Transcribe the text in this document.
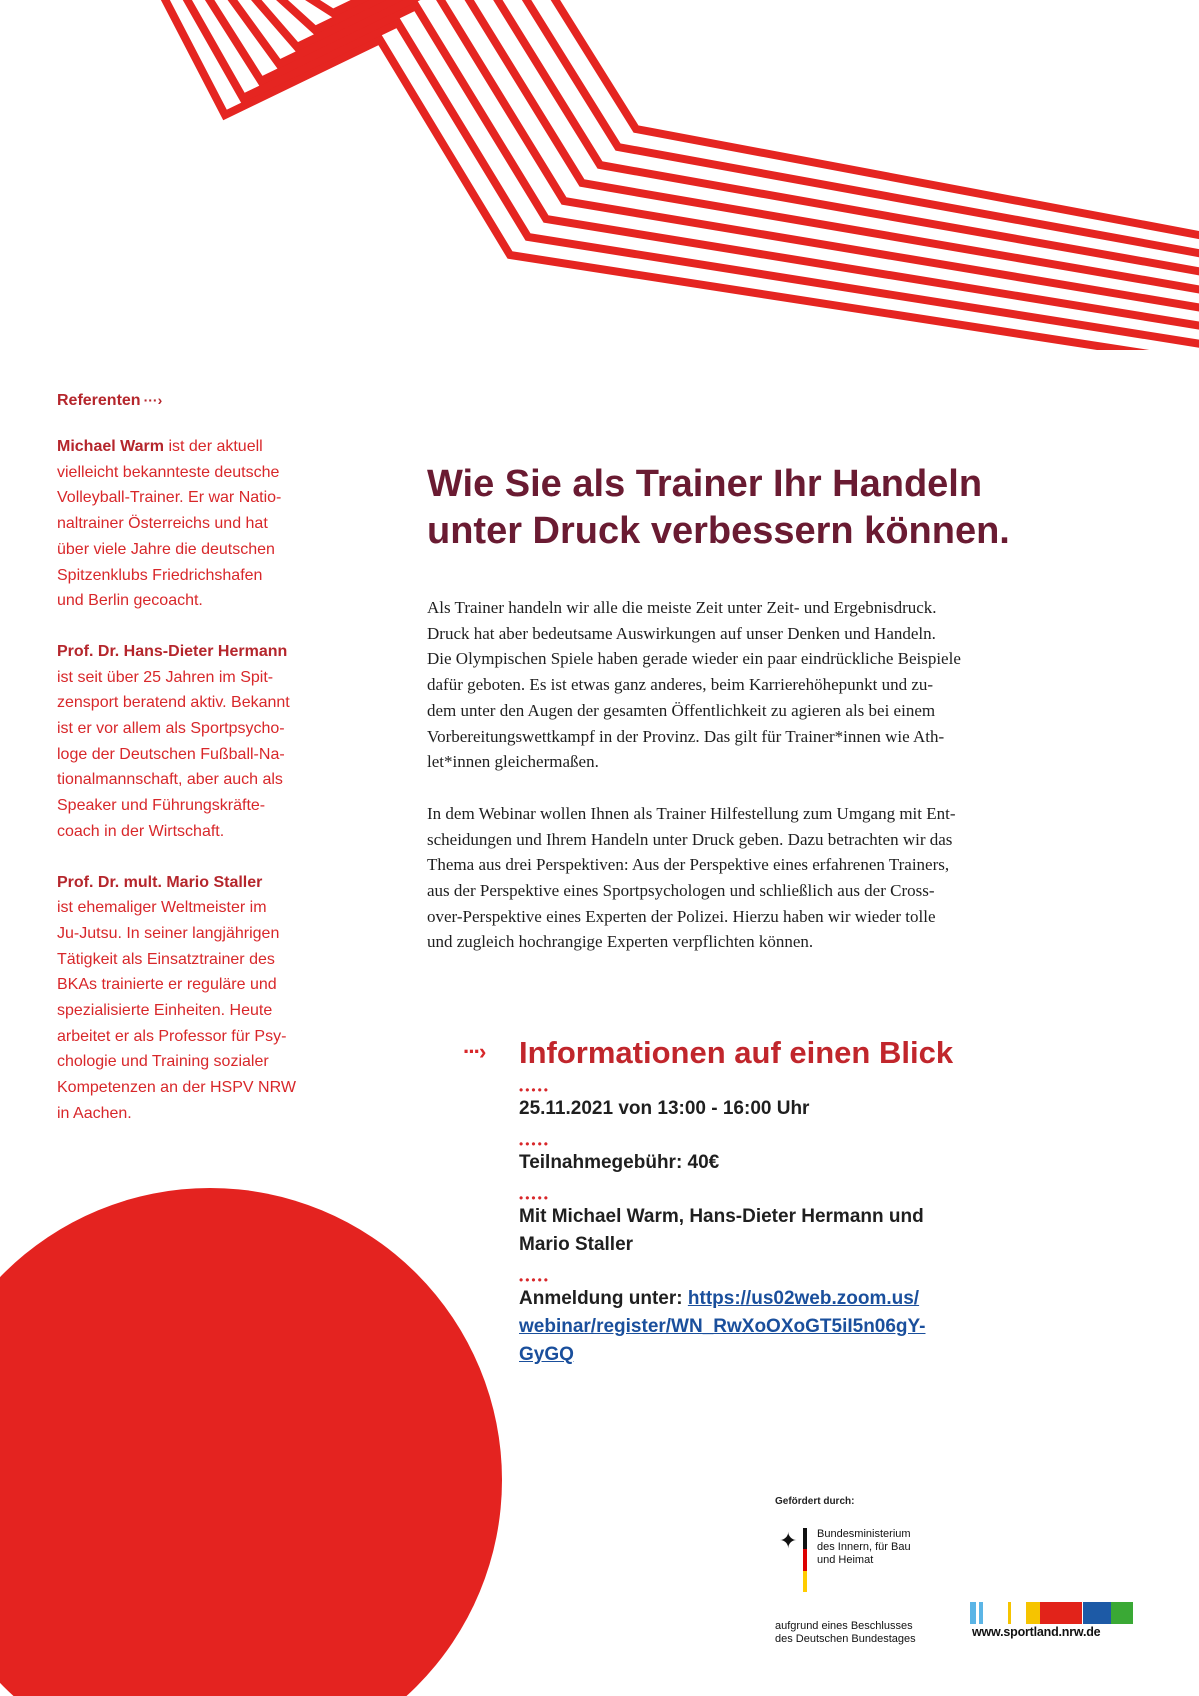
Referenten ···›
Michael Warm ist der aktuell
vielleicht bekannteste deutsche
Volleyball-Trainer. Er war Natio-
naltrainer Österreichs und hat
über viele Jahre die deutschen
Spitzenklubs Friedrichshafen
und Berlin gecoacht.
Prof. Dr. Hans-Dieter Hermann
ist seit über 25 Jahren im Spit-
zensport beratend aktiv. Bekannt
ist er vor allem als Sportpsycho-
loge der Deutschen Fußball-Na-
tionalmannschaft, aber auch als
Speaker und Führungskräfte-
coach in der Wirtschaft.
Prof. Dr. mult. Mario Staller
ist ehemaliger Weltmeister im
Ju-Jutsu. In seiner langjährigen
Tätigkeit als Einsatztrainer des
BKAs trainierte er reguläre und
spezialisierte Einheiten. Heute
arbeitet er als Professor für Psy-
chologie und Training sozialer
Kompetenzen an der HSPV NRW
in Aachen.
Wie Sie als Trainer Ihr Handeln
unter Druck verbessern können.

Als Trainer handeln wir alle die meiste Zeit unter Zeit- und Ergebnisdruck.
Druck hat aber bedeutsame Auswirkungen auf unser Denken und Handeln.
Die Olympischen Spiele haben gerade wieder ein paar eindrückliche Beispiele
dafür geboten. Es ist etwas ganz anderes, beim Karrierehöhepunkt und zu-
dem unter den Augen der gesamten Öffentlichkeit zu agieren als bei einem
Vorbereitungswettkampf in der Provinz. Das gilt für Trainer*innen wie Ath-
let*innen gleichermaßen.

In dem Webinar wollen Ihnen als Trainer Hilfestellung zum Umgang mit Ent-
scheidungen und Ihrem Handeln unter Druck geben. Dazu betrachten wir das
Thema aus drei Perspektiven: Aus der Perspektive eines erfahrenen Trainers,
aus der Perspektive eines Sportpsychologen und schließlich aus der Cross-
over-Perspektive eines Experten der Polizei. Hierzu haben wir wieder tolle
und zugleich hochrangige Experten verpflichten können.

···› Informationen auf einen Blick
•••••
25.11.2021 von 13:00 - 16:00 Uhr
•••••
Teilnahmegebühr: 40€
•••••
Mit Michael Warm, Hans-Dieter Hermann und
Mario Staller
•••••
Anmeldung unter: https://us02web.zoom.us/
webinar/register/WN_RwXoOXoGT5iI5n06gY-
GyGQ
Gefördert durch:
✦ Bundesministerium
des Innern, für Bau
und Heimat
aufgrund eines Beschlusses
des Deutschen Bundestages	www.sportland.nrw.de
